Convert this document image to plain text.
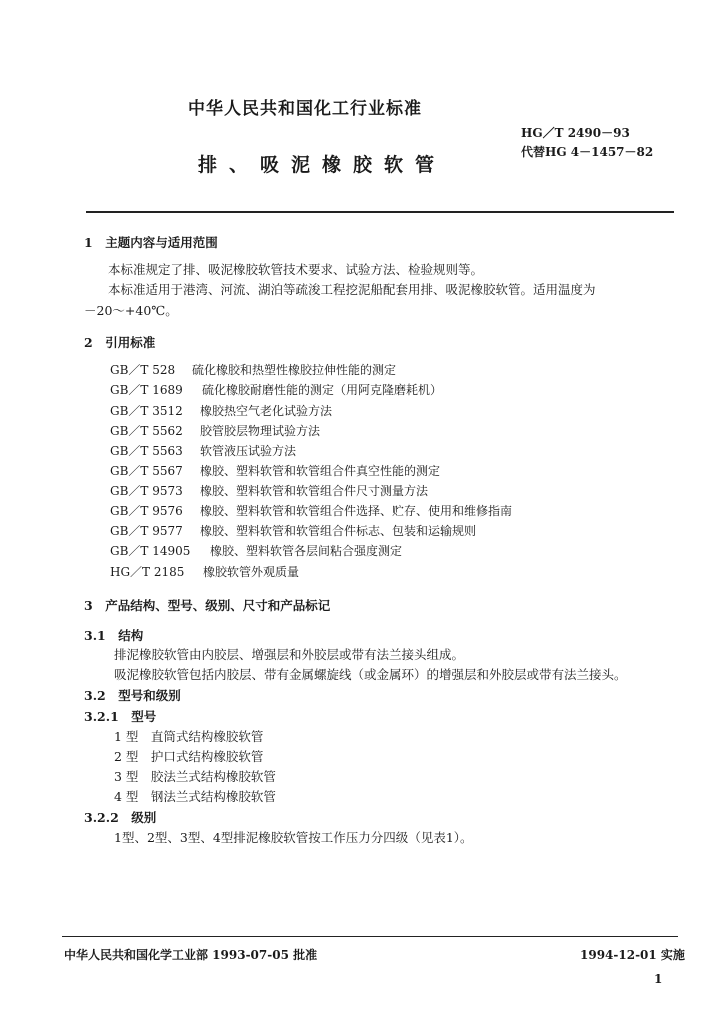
中华人民共和国化工行业标准
HG／T 2490－93
代替HG 4－1457－82
排、吸泥橡胶软管
1　主题内容与适用范围
本标准规定了排、吸泥橡胶软管技术要求、试验方法、检验规则等。
本标准适用于港湾、河流、湖泊等疏浚工程挖泥船配套用排、吸泥橡胶软管。适用温度为
－20～+40℃。
2　引用标准
GB／T 528 硫化橡胶和热塑性橡胶拉伸性能的测定
GB／T 1689 硫化橡胶耐磨性能的测定（用阿克隆磨耗机）
GB／T 3512 橡胶热空气老化试验方法
GB／T 5562 胶管胶层物理试验方法
GB／T 5563 软管液压试验方法
GB／T 5567 橡胶、塑料软管和软管组合件真空性能的测定
GB／T 9573 橡胶、塑料软管和软管组合件尺寸测量方法
GB／T 9576 橡胶、塑料软管和软管组合件选择、贮存、使用和维修指南
GB／T 9577 橡胶、塑料软管和软管组合件标志、包装和运输规则
GB／T 14905 橡胶、塑料软管各层间粘合强度测定
HG／T 2185 橡胶软管外观质量
3　产品结构、型号、级别、尺寸和产品标记
3.1　结构
排泥橡胶软管由内胶层、增强层和外胶层或带有法兰接头组成。
吸泥橡胶软管包括内胶层、带有金属螺旋线（或金属环）的增强层和外胶层或带有法兰接头。
3.2　型号和级别
3.2.1　型号
1 型　直筒式结构橡胶软管
2 型　护口式结构橡胶软管
3 型　胶法兰式结构橡胶软管
4 型　钢法兰式结构橡胶软管
3.2.2　级别
1型、2型、3型、4型排泥橡胶软管按工作压力分四级（见表1）。
中华人民共和国化学工业部 1993-07-05 批准	1994-12-01 实施
1
